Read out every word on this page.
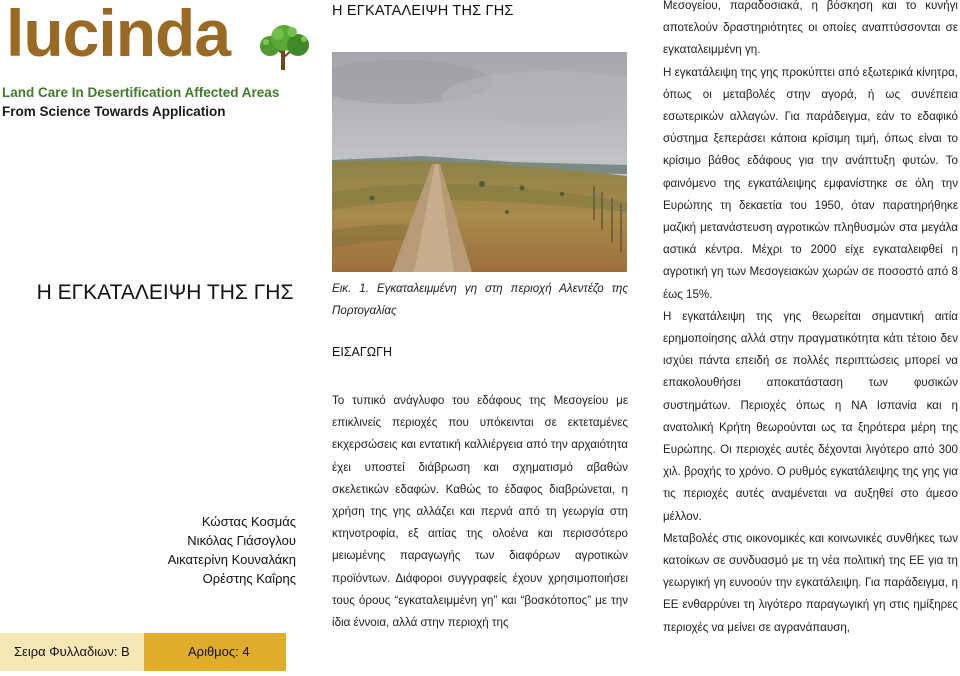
lucinda
Land Care In Desertification Affected Areas
From Science Towards Application
Η ΕΓΚΑΤΑΛΕΙΨΗ ΤΗΣ ΓΗΣ
Κώστας Κοσμάς
Νικόλας Γιάσογλου
Αικατερίνη Κουναλάκη
Ορέστης Καΐρης
Σειρα Φυλλαδιων: B	Αριθμος: 4
Η ΕΓΚΑΤΑΛΕΙΨΗ ΤΗΣ ΓΗΣ
Εικ. 1. Εγκαταλειμμένη γη στη περιοχή Αλεντέζο της Πορτογαλίας
ΕΙΣΑΓΩΓΗ
Το τυπικό ανάγλυφο του εδάφους της Μεσογείου με επικλινείς περιοχές που υπόκεινται σε εκτεταμένες εκχερσώσεις και εντατική καλλιέργεια από την αρχαιότητα έχει υποστεί διάβρωση και σχηματισμό αβαθών σκελετικών εδαφών. Καθώς το έδαφος διαβρώνεται, η χρήση της γης αλλάζει και περνά από τη γεωργία στη κτηνοτροφία, εξ αιτίας της ολοένα και περισσότερο μειωμένης παραγωγής των διαφόρων αγροτικών προϊόντων. Διάφοροι συγγραφείς έχουν χρησιμοποιήσει τους όρους “εγκαταλειμμένη γη” και “βοσκότοπος” με την ίδια έννοια, αλλά στην περιοχή της

Μεσογείου, παραδοσιακά, η βόσκηση και το κυνήγι αποτελούν δραστηριότητες οι οποίες αναπτύσσονται σε εγκαταλειμμένη γη.

Η εγκατάλειψη της γης προκύπτει από εξωτερικά κίνητρα, όπως οι μεταβολές στην αγορά, ή ως συνέπεια εσωτερικών αλλαγών. Για παράδειγμα, εάν το εδαφικό σύστημα ξεπεράσει κάποια κρίσιμη τιμή, όπως είναι το κρίσιμο βάθος εδάφους για την ανάπτυξη φυτών. Το φαινόμενο της εγκατάλειψης εμφανίστηκε σε όλη την Ευρώπης τη δεκαετία του 1950, όταν παρατηρήθηκε μαζική μετανάστευση αγροτικών πληθυσμών στα μεγάλα αστικά κέντρα. Μέχρι το 2000 είχε εγκαταλειφθεί η αγροτική γη των Μεσογειακών χωρών σε ποσοστό από 8 έως 15%.

Η εγκατάλειψη της γης θεωρείται σημαντική αιτία ερημοποίησης αλλά στην πραγματικότητα κάτι τέτοιο δεν ισχύει πάντα επειδή σε πολλές περιπτώσεις μπορεί να επακολουθήσει αποκατάσταση των φυσικών συστημάτων. Περιοχές όπως η ΝΑ Ισπανία και η ανατολική Κρήτη θεωρούνται ως τα ξηρότερα μέρη της Ευρώπης. Οι περιοχές αυτές δέχονται λιγότερο από 300 χιλ. βροχής το χρόνο. Ο ρυθμός εγκατάλειψης της γης για τις περιοχές αυτές αναμένεται να αυξηθεί στο άμεσο μέλλον.

Μεταβολές στις οικονομικές και κοινωνικές συνθήκες των κατοίκων σε συνδυασμό με τη νέα πολιτική της ΕΕ για τη γεωργική γη ευνοούν την εγκατάλειψη. Για παράδειγμα, η ΕΕ ενθαρρύνει τη λιγότερο παραγωγική γη στις ημίξηρες περιοχές να μείνει σε αγρανάπαυση,
